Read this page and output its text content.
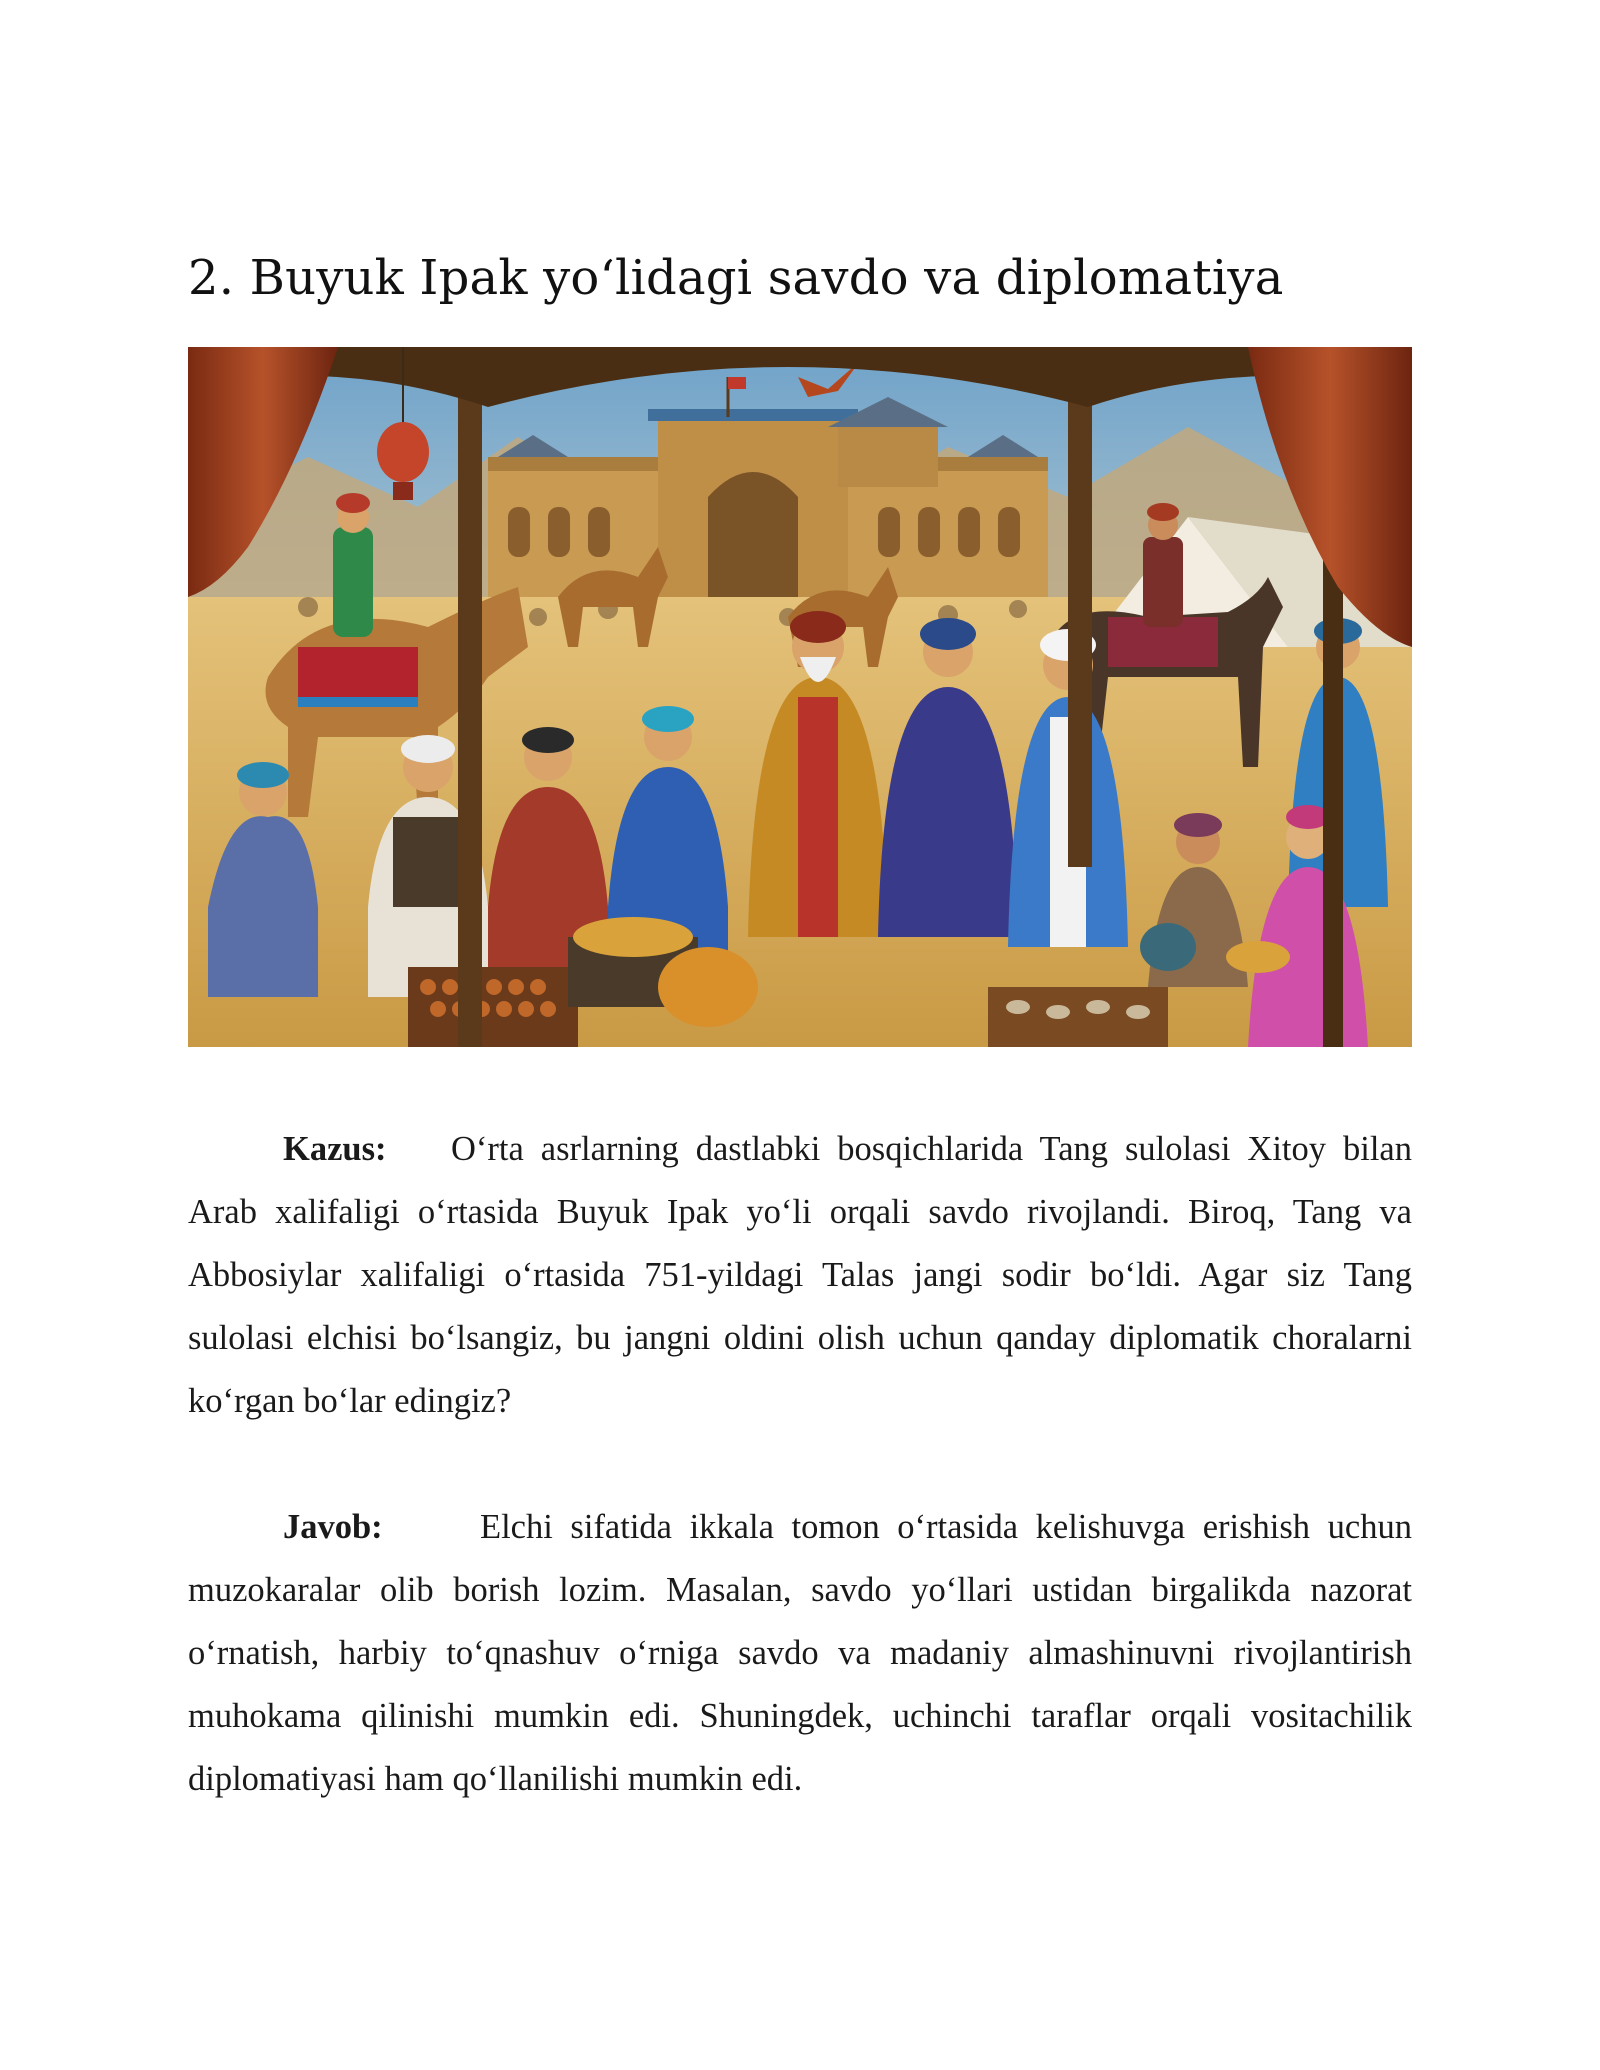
2. Buyuk Ipak yo‘lidagi savdo va diplomatiya

Kazus: O‘rta asrlarning dastlabki bosqichlarida Tang sulolasi Xitoy bilan Arab xalifaligi o‘rtasida Buyuk Ipak yo‘li orqali savdo rivojlandi. Biroq, Tang va Abbosiylar xalifaligi o‘rtasida 751-yildagi Talas jangi sodir bo‘ldi. Agar siz Tang sulolasi elchisi bo‘lsangiz, bu jangni oldini olish uchun qanday diplomatik choralarni ko‘rgan bo‘lar edingiz?

Javob:	Elchi sifatida ikkala tomon o‘rtasida kelishuvga erishish uchun muzokaralar olib borish lozim. Masalan, savdo yo‘llari ustidan birgalikda nazorat o‘rnatish, harbiy to‘qnashuv o‘rniga savdo va madaniy almashinuvni rivojlantirish muhokama qilinishi mumkin edi. Shuningdek, uchinchi taraflar orqali vositachilik diplomatiyasi ham qo‘llanilishi mumkin edi.
